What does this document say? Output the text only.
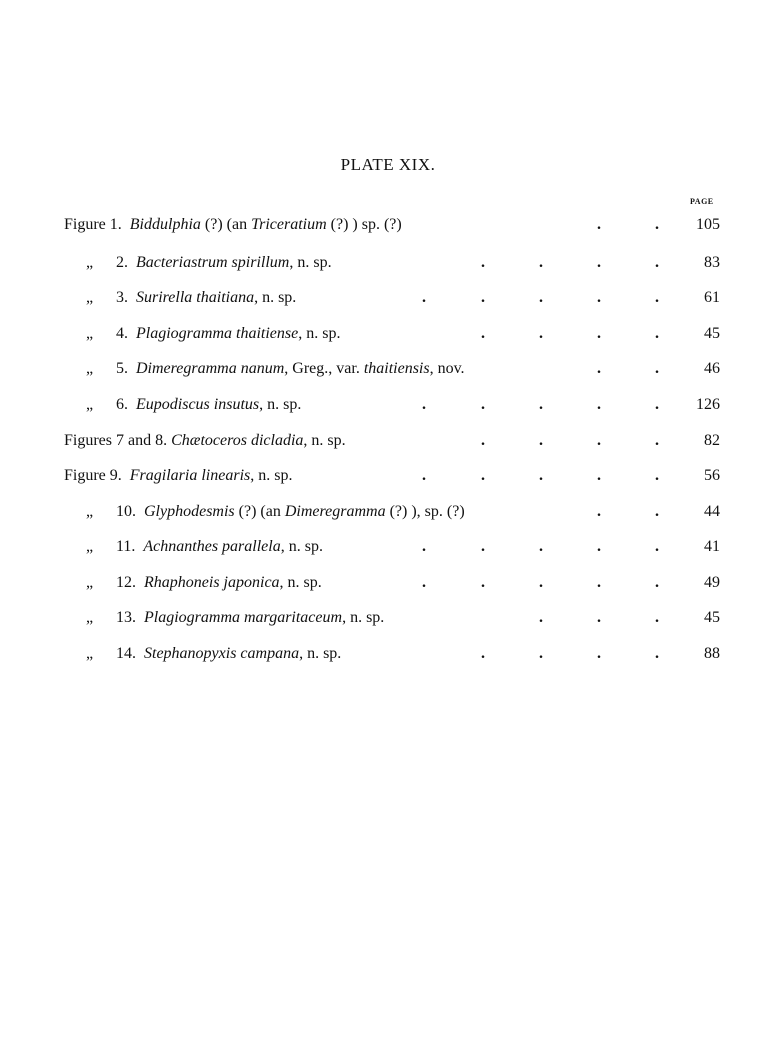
PLATE XIX.
PAGE
Figure 1. Biddulphia (?) (an Triceratium (?) ) sp. (?)	.	. 105
„ 2. Bacteriastrum spirillum, n. sp.	.	.	.	.	83
„ 3. Surirella thaitiana, n. sp.	.	.	.	.	.	61
„ 4. Plagiogramma thaitiense, n. sp.	.	.	.	.	45
„ 5. Dimeregramma nanum, Greg., var. thaitiensis, nov.	.	.	46
„ 6. Eupodiscus insutus, n. sp.	.	.	.	.	. 126
Figures 7 and 8. Chætoceros dicladia, n. sp.	.	.	.	.	82
Figure 9. Fragilaria linearis, n. sp.	.	.	.	.	.	56
„ 10. Glyphodesmis (?) (an Dimeregramma (?) ), sp. (?)	.	.	44
„ 11. Achnanthes parallela, n. sp.	.	.	.	.	.	41
„ 12. Rhaphoneis japonica, n. sp.	.	.	.	.	.	49
„ 13. Plagiogramma margaritaceum, n. sp.	.	.	.	45
„ 14. Stephanopyxis campana, n. sp.	.	.	.	.	88
